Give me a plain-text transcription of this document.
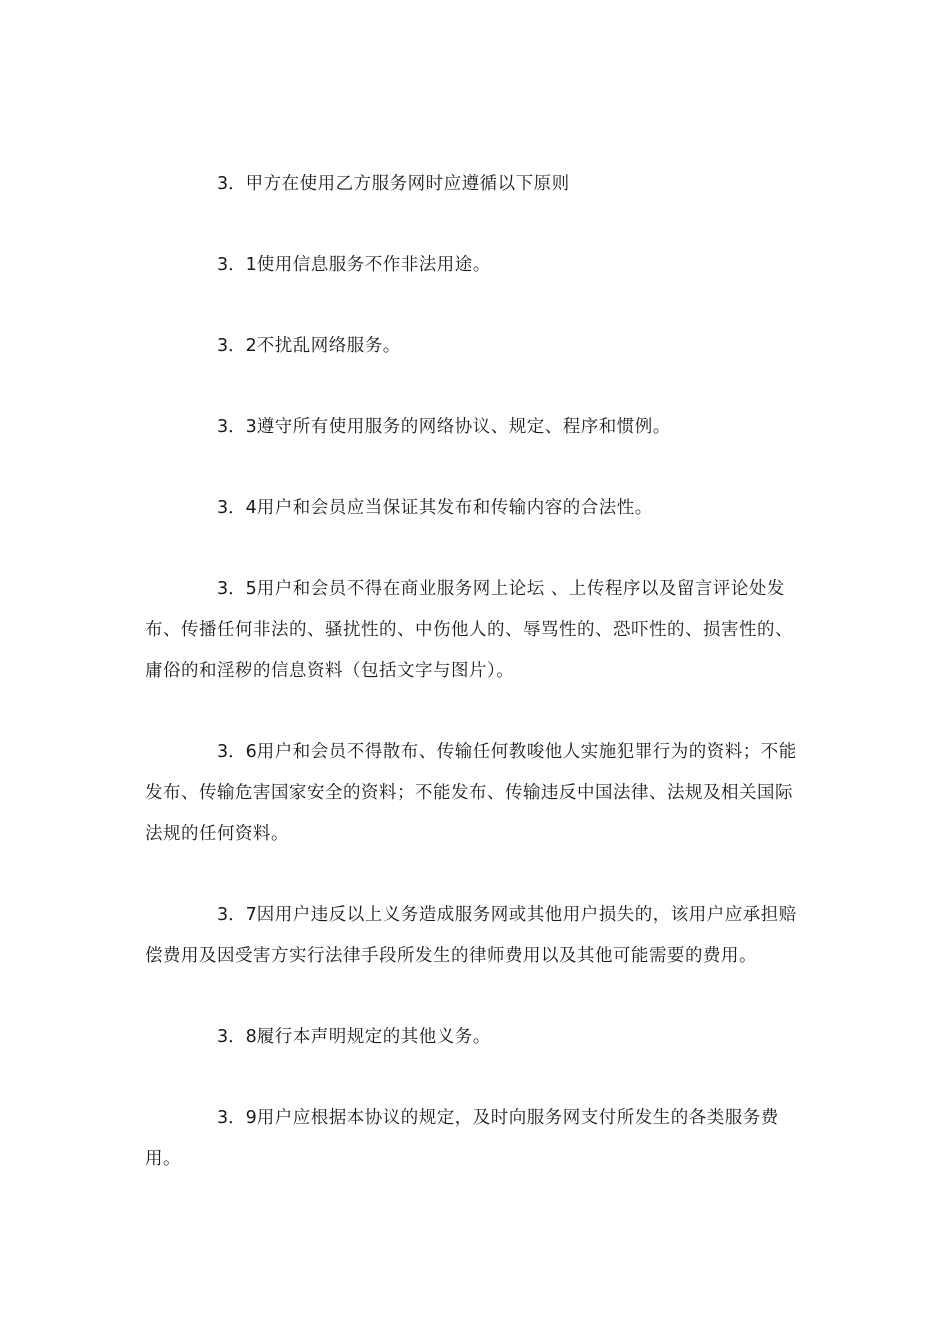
3．甲方在使用乙方服务网时应遵循以下原则

3．1使用信息服务不作非法用途。

3．2不扰乱网络服务。

3．3遵守所有使用服务的网络协议、规定、程序和惯例。

3．4用户和会员应当保证其发布和传输内容的合法性。

3．5用户和会员不得在商业服务网上论坛 、上传程序以及留言评论处发布、传播任何非法的、骚扰性的、中伤他人的、辱骂性的、恐吓性的、损害性的、庸俗的和淫秽的信息资料（包括文字与图片）。

3．6用户和会员不得散布、传输任何教唆他人实施犯罪行为的资料；不能发布、传输危害国家安全的资料；不能发布、传输违反中国法律、法规及相关国际法规的任何资料。

3．7因用户违反以上义务造成服务网或其他用户损失的，该用户应承担赔偿费用及因受害方实行法律手段所发生的律师费用以及其他可能需要的费用。

3．8履行本声明规定的其他义务。

3．9用户应根据本协议的规定，及时向服务网支付所发生的各类服务费用。
